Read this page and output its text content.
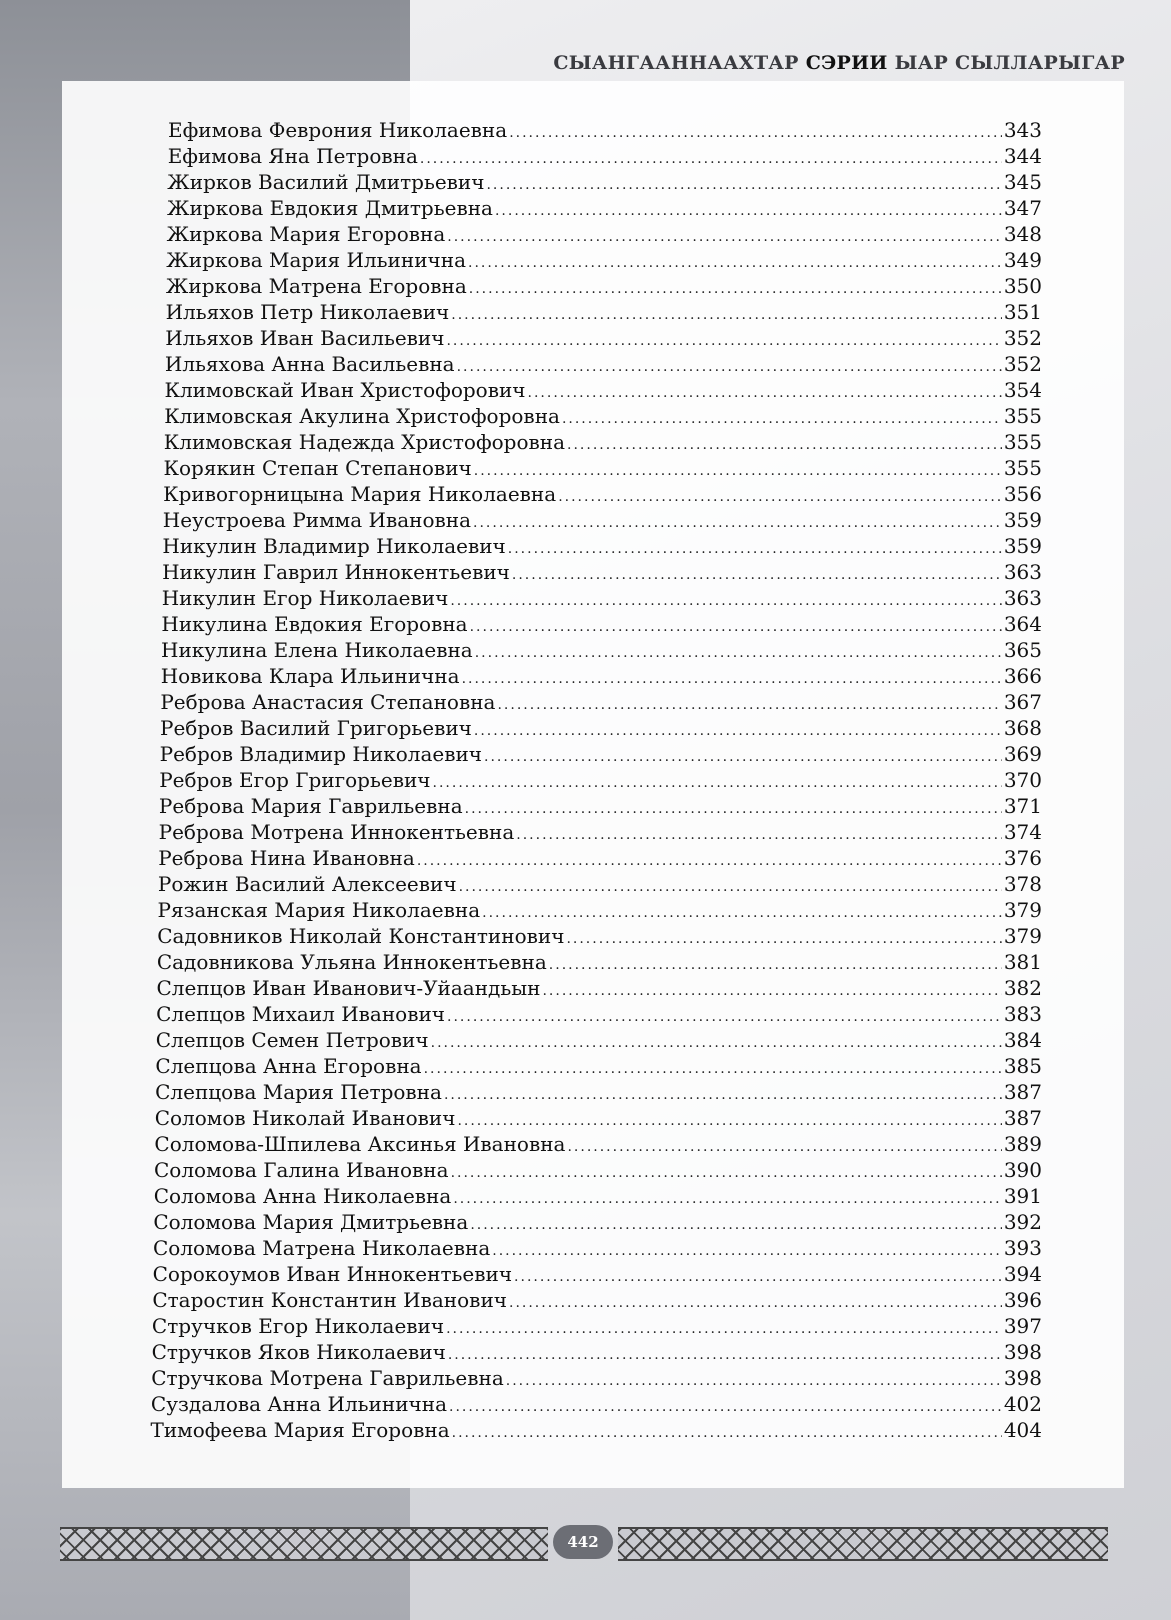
СЫАНГААННААХТАР СЭРИИ ЫАР СЫЛЛАРЫГАР
Ефимова Феврония Николаевна .....	343
Ефимова Яна Петровна .....	344
Жирков Василий Дмитрьевич .....	345
Жиркова Евдокия Дмитрьевна .....	347
Жиркова Мария Егоровна .....	348
Жиркова Мария Ильинична .....	349
Жиркова Матрена Егоровна .....	350
Ильяхов Петр Николаевич .....	351
Ильяхов Иван Васильевич .....	352
Ильяхова Анна Васильевна .....	352
Климовскай Иван Христофорович .....	354
Климовская Акулина Христофоровна .....	355
Климовская Надежда Христофоровна .....	355
Корякин Степан Степанович .....	355
Кривогорницына Мария Николаевна .....	356
Неустроева Римма Ивановна .....	359
Никулин Владимир Николаевич .....	359
Никулин Гаврил Иннокентьевич .....	363
Никулин Егор Николаевич .....	363
Никулина Евдокия Егоровна .....	364
Никулина Елена Николаевна .....	365
Новикова Клара Ильинична .....	366
Реброва Анастасия Степановна .....	367
Ребров Василий Григорьевич .....	368
Ребров Владимир Николаевич .....	369
Ребров Егор Григорьевич .....	370
Реброва Мария Гаврильевна .....	371
Реброва Мотрена Иннокентьевна .....	374
Реброва Нина Ивановна .....	376
Рожин Василий Алексеевич .....	378
Рязанская Мария Николаевна .....	379
Садовников Николай Константинович .....	379
Садовникова Ульяна Иннокентьевна .....	381
Слепцов Иван Иванович-Уйаандьын .....	382
Слепцов Михаил Иванович .....	383
Слепцов Семен Петрович .....	384
Слепцова Анна Егоровна .....	385
Слепцова Мария Петровна .....	387
Соломов Николай Иванович .....	387
Соломова-Шпилева Аксинья Ивановна .....	389
Соломова Галина Ивановна .....	390
Соломова Анна Николаевна .....	391
Соломова Мария Дмитрьевна .....	392
Соломова Матрена Николаевна .....	393
Сорокоумов Иван Иннокентьевич .....	394
Старостин Константин Иванович .....	396
Стручков Егор Николаевич .....	397
Стручков Яков Николаевич .....	398
Стручкова Мотрена Гаврильевна .....	398
Суздалова Анна Ильинична .....	402
Тимофеева Мария Егоровна .....	404
442
